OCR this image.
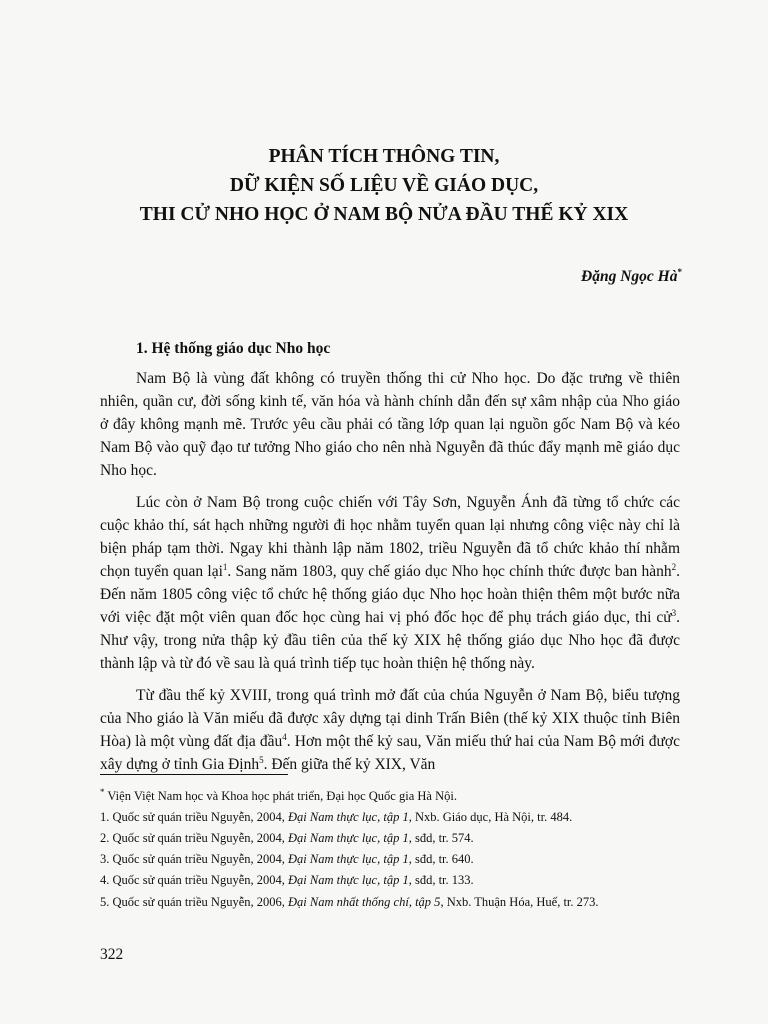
PHÂN TÍCH THÔNG TIN,
DỮ KIỆN SỐ LIỆU VỀ GIÁO DỤC,
THI CỬ NHO HỌC Ở NAM BỘ NỬA ĐẦU THẾ KỶ XIX
Đặng Ngọc Hà*
1. Hệ thống giáo dục Nho học

Nam Bộ là vùng đất không có truyền thống thi cử Nho học. Do đặc trưng về thiên nhiên, quần cư, đời sống kinh tế, văn hóa và hành chính dẫn đến sự xâm nhập của Nho giáo ở đây không mạnh mẽ. Trước yêu cầu phải có tầng lớp quan lại nguồn gốc Nam Bộ và kéo Nam Bộ vào quỹ đạo tư tưởng Nho giáo cho nên nhà Nguyễn đã thúc đẩy mạnh mẽ giáo dục Nho học.

Lúc còn ở Nam Bộ trong cuộc chiến với Tây Sơn, Nguyễn Ánh đã từng tổ chức các cuộc khảo thí, sát hạch những người đi học nhằm tuyển quan lại nhưng công việc này chỉ là biện pháp tạm thời. Ngay khi thành lập năm 1802, triều Nguyễn đã tổ chức khảo thí nhằm chọn tuyển quan lại$^1$. Sang năm 1803, quy chế giáo dục Nho học chính thức được ban hành$^2$. Đến năm 1805 công việc tổ chức hệ thống giáo dục Nho học hoàn thiện thêm một bước nữa với việc đặt một viên quan đốc học cùng hai vị phó đốc học để phụ trách giáo dục, thi cử$^3$. Như vậy, trong nửa thập kỷ đầu tiên của thế kỷ XIX hệ thống giáo dục Nho học đã được thành lập và từ đó về sau là quá trình tiếp tục hoàn thiện hệ thống này.

Từ đầu thế kỷ XVIII, trong quá trình mở đất của chúa Nguyễn ở Nam Bộ, biểu tượng của Nho giáo là Văn miếu đã được xây dựng tại dinh Trấn Biên (thế kỷ XIX thuộc tỉnh Biên Hòa) là một vùng đất địa đầu$^4$. Hơn một thế kỷ sau, Văn miếu thứ hai của Nam Bộ mới được xây dựng ở tỉnh Gia Định$^5$. Đến giữa thế kỷ XIX, Văn

* Viện Việt Nam học và Khoa học phát triển, Đại học Quốc gia Hà Nội.

1. Quốc sử quán triều Nguyễn, 2004, Đại Nam thực lục, tập 1, Nxb. Giáo dục, Hà Nội, tr. 484.

2. Quốc sử quán triều Nguyễn, 2004, Đại Nam thực lục, tập 1, sđd, tr. 574.

3. Quốc sử quán triều Nguyễn, 2004, Đại Nam thực lục, tập 1, sđd, tr. 640.

4. Quốc sử quán triều Nguyễn, 2004, Đại Nam thực lục, tập 1, sđd, tr. 133.

5. Quốc sử quán triều Nguyễn, 2006, Đại Nam nhất thống chí, tập 5, Nxb. Thuận Hóa, Huế, tr. 273.

322
